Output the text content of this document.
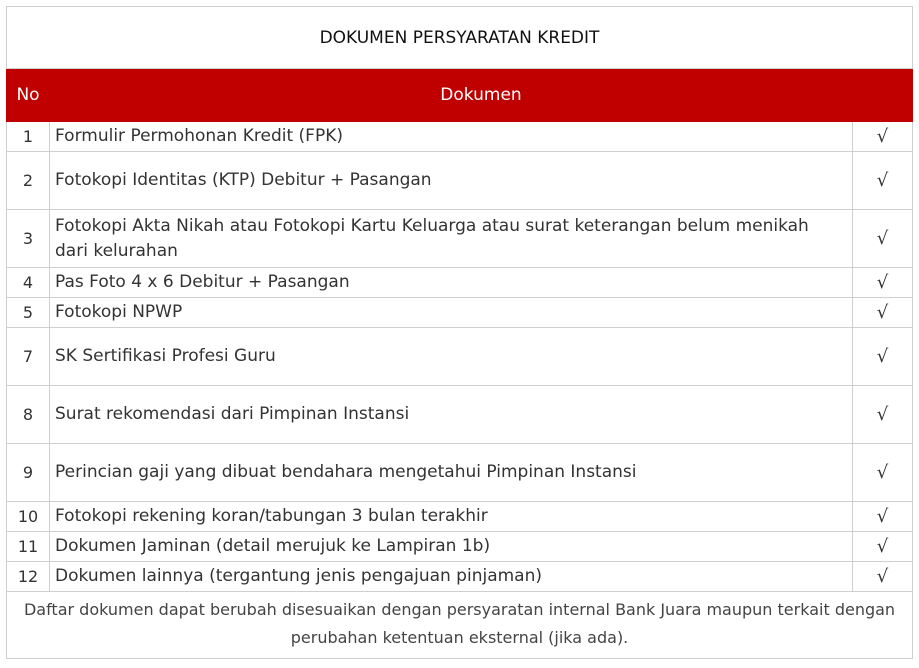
DOKUMEN PERSYARATAN KREDIT		
No	Dokumen	
1	Formulir Permohonan Kredit (FPK)	√
2	Fotokopi Identitas (KTP) Debitur + Pasangan	√
3	Fotokopi Akta Nikah atau Fotokopi Kartu Keluarga atau surat keterangan belum menikah dari kelurahan	√
4	Pas Foto 4 x 6 Debitur + Pasangan	√
5	Fotokopi NPWP	√
7	SK Sertifikasi Profesi Guru	√
8	Surat rekomendasi dari Pimpinan Instansi	√
9	Perincian gaji yang dibuat bendahara mengetahui Pimpinan Instansi	√
10	Fotokopi rekening koran/tabungan 3 bulan terakhir	√
11	Dokumen Jaminan (detail merujuk ke Lampiran 1b)	√
12	Dokumen lainnya (tergantung jenis pengajuan pinjaman)	√
Daftar dokumen dapat berubah disesuaikan dengan persyaratan internal Bank Juara maupun terkait dengan perubahan ketentuan eksternal (jika ada).		
